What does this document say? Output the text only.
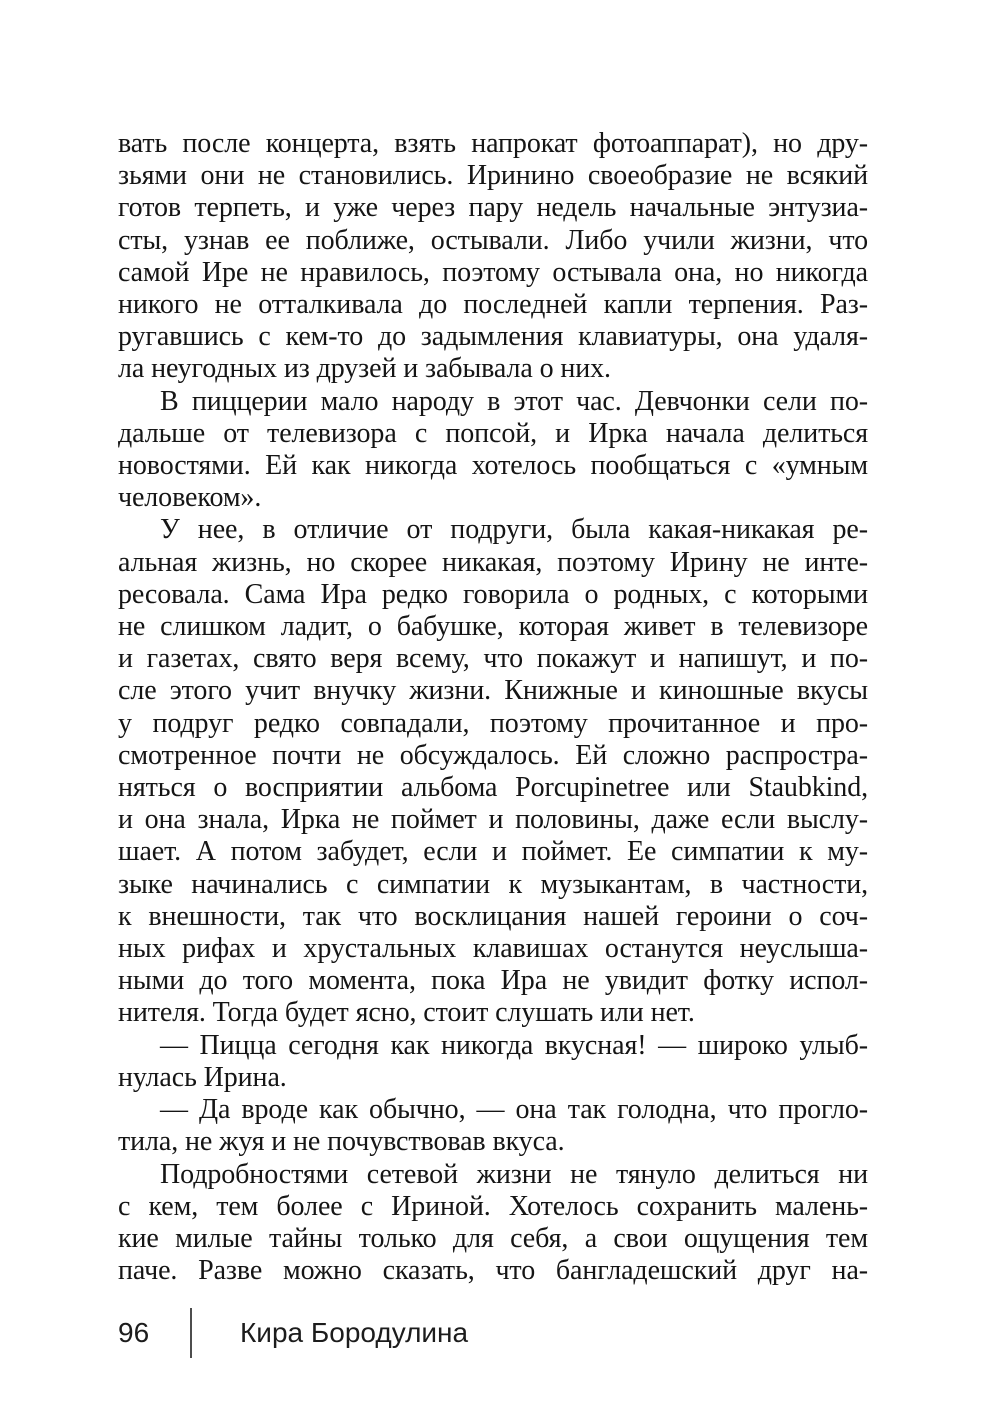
вать после концерта, взять напрокат фотоаппарат), но дру-
зьями они не становились. Иринино своеобразие не всякий
готов терпеть, и уже через пару недель начальные энтузиа-
сты, узнав ее поближе, остывали. Либо учили жизни, что
самой Ире не нравилось, поэтому остывала она, но никогда
никого не отталкивала до последней капли терпения. Раз-
ругавшись с кем-то до задымления клавиатуры, она удаля-
ла неугодных из друзей и забывала о них.
В пиццерии мало народу в этот час. Девчонки сели по-
дальше от телевизора с попсой, и Ирка начала делиться
новостями. Ей как никогда хотелось пообщаться с «умным
человеком».
У нее, в отличие от подруги, была какая-никакая ре-
альная жизнь, но скорее никакая, поэтому Ирину не инте-
ресовала. Сама Ира редко говорила о родных, с которыми
не слишком ладит, о бабушке, которая живет в телевизоре
и газетах, свято веря всему, что покажут и напишут, и по-
сле этого учит внучку жизни. Книжные и киношные вкусы
у подруг редко совпадали, поэтому прочитанное и про-
смотренное почти не обсуждалось. Ей сложно распростра-
няться о восприятии альбома Porcupinetree или Staubkind,
и она знала, Ирка не поймет и половины, даже если выслу-
шает. А потом забудет, если и поймет. Ее симпатии к му-
зыке начинались с симпатии к музыкантам, в частности,
к внешности, так что восклицания нашей героини о соч-
ных рифах и хрустальных клавишах останутся неуслыша-
ными до того момента, пока Ира не увидит фотку испол-
нителя. Тогда будет ясно, стоит слушать или нет.
— Пицца сегодня как никогда вкусная! — широко улыб-
нулась Ирина.
— Да вроде как обычно, — она так голодна, что прогло-
тила, не жуя и не почувствовав вкуса.
Подробностями сетевой жизни не тянуло делиться ни
с кем, тем более с Ириной. Хотелось сохранить малень-
кие милые тайны только для себя, а свои ощущения тем
паче. Разве можно сказать, что бангладешский друг на-
96	Кира Бородулина
